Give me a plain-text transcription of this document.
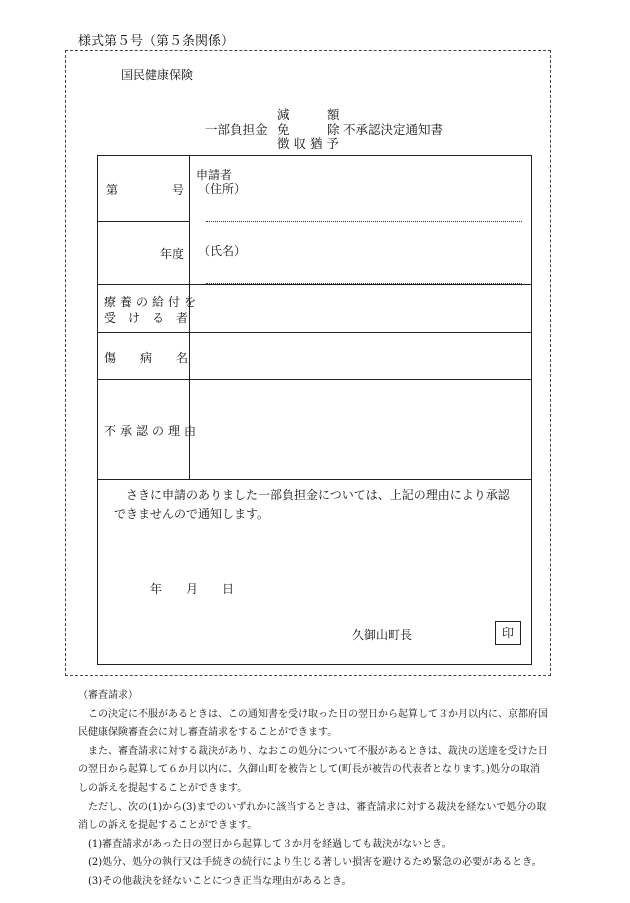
様式第５号（第５条関係）
国民健康保険
減　　　額
一部負担金 免　　　除 不承認決定通知書
徴 収 猶 予
第	号
年度
療養の給付を
受　け　る　者
傷　　病　　名
不承認の理由
申請者
（住所）
（氏名）
さきに申請のありました一部負担金については、上記の理由により承認できませんので通知します。
年　　月　　日
久御山町長	印

（審査請求）

この決定に不服があるときは、この通知書を受け取った日の翌日から起算して３か月以内に、京都府国民健康保険審査会に対し審査請求をすることができます。

また、審査請求に対する裁決があり、なおこの処分について不服があるときは、裁決の送達を受けた日の翌日から起算して６か月以内に、久御山町を被告として(町長が被告の代表者となります。)処分の取消しの訴えを提起することができます。

ただし、次の(1)から(3)までのいずれかに該当するときは、審査請求に対する裁決を経ないで処分の取消しの訴えを提起することができます。

(1)審査請求があった日の翌日から起算して３か月を経過しても裁決がないとき。

(2)処分、処分の執行又は手続きの続行により生じる著しい損害を避けるため緊急の必要があるとき。

(3)その他裁決を経ないことにつき正当な理由があるとき。
